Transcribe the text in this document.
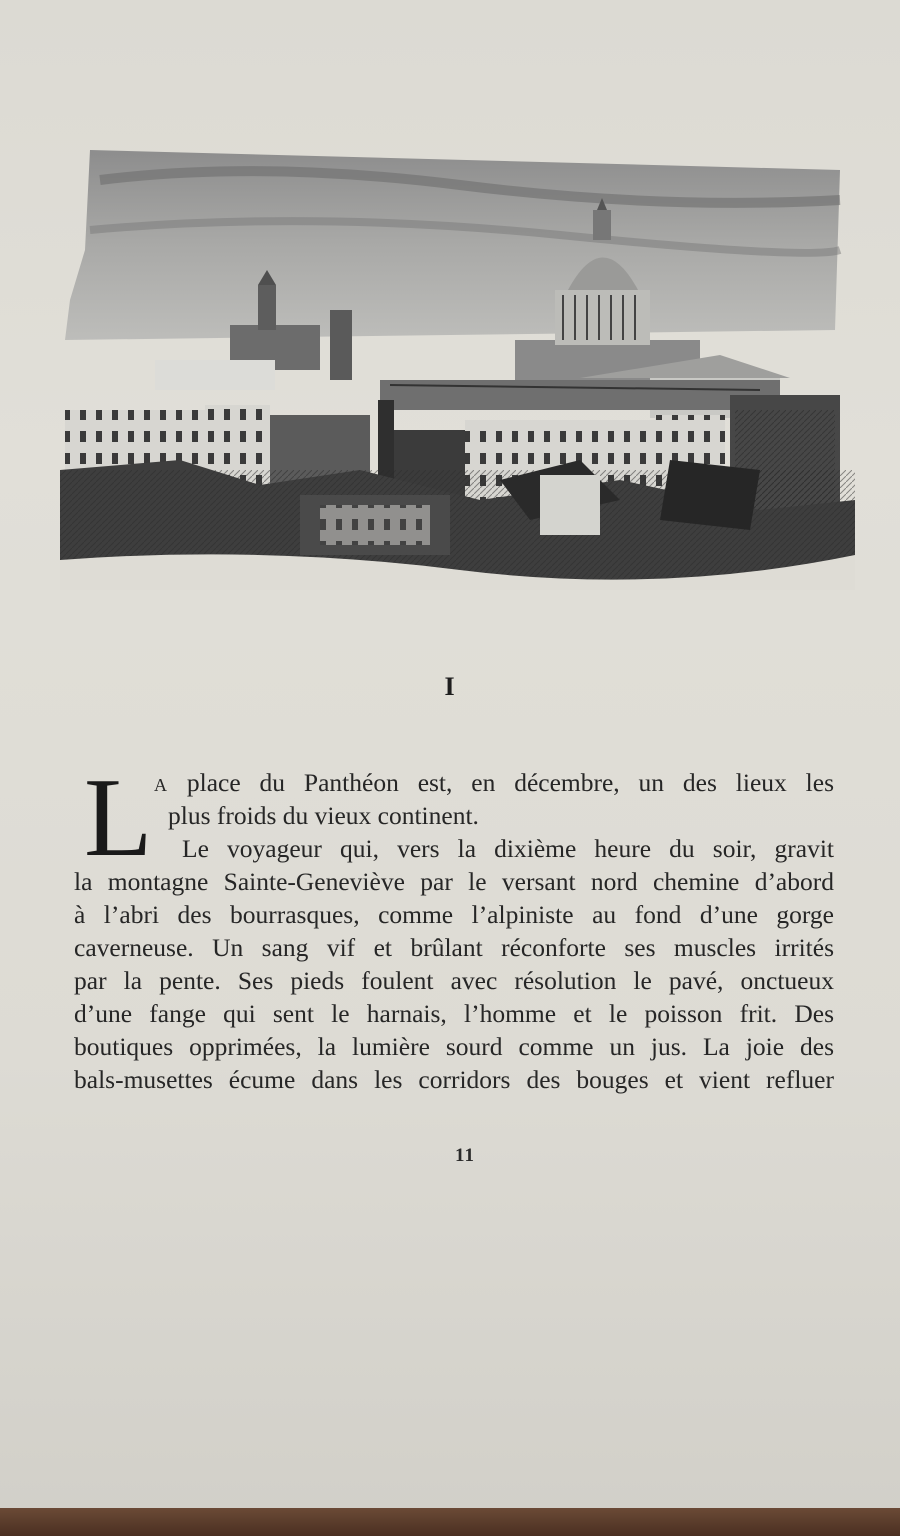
I
L A place du Panthéon est, en décembre, un des lieux les
plus froids du vieux continent.
Le voyageur qui, vers la dixième heure du soir, gravit
la montagne Sainte-Geneviève par le versant nord chemine d’abord
à l’abri des bourrasques, comme l’alpiniste au fond d’une gorge
caverneuse. Un sang vif et brûlant réconforte ses muscles irrités
par la pente. Ses pieds foulent avec résolution le pavé, onctueux
d’une fange qui sent le harnais, l’homme et le poisson frit. Des
boutiques opprimées, la lumière sourd comme un jus. La joie des
bals-musettes écume dans les corridors des bouges et vient refluer
11
